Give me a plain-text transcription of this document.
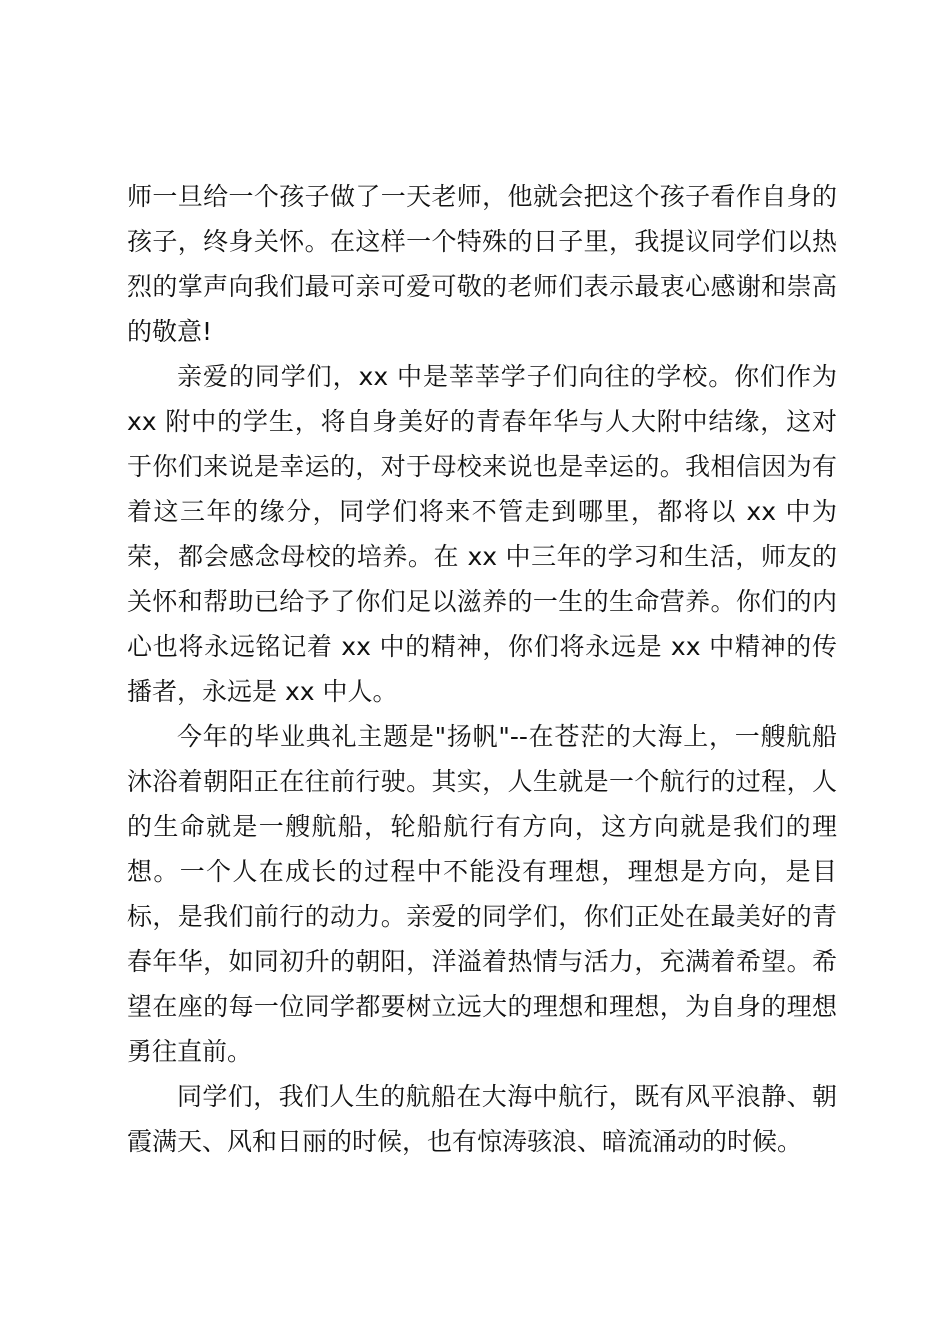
师一旦给一个孩子做了一天老师，他就会把这个孩子看作自身的孩子，终身关怀。在这样一个特殊的日子里，我提议同学们以热烈的掌声向我们最可亲可爱可敬的老师们表示最衷心感谢和崇高的敬意!

亲爱的同学们，xx 中是莘莘学子们向往的学校。你们作为 xx 附中的学生，将自身美好的青春年华与人大附中结缘，这对于你们来说是幸运的，对于母校来说也是幸运的。我相信因为有着这三年的缘分，同学们将来不管走到哪里，都将以 xx 中为荣，都会感念母校的培养。在 xx 中三年的学习和生活，师友的关怀和帮助已给予了你们足以滋养的一生的生命营养。你们的内心也将永远铭记着 xx 中的精神，你们将永远是 xx 中精神的传播者，永远是 xx 中人。

今年的毕业典礼主题是"扬帆"--在苍茫的大海上，一艘航船沐浴着朝阳正在往前行驶。其实，人生就是一个航行的过程，人的生命就是一艘航船，轮船航行有方向，这方向就是我们的理想。一个人在成长的过程中不能没有理想，理想是方向，是目标，是我们前行的动力。亲爱的同学们，你们正处在最美好的青春年华，如同初升的朝阳，洋溢着热情与活力，充满着希望。希望在座的每一位同学都要树立远大的理想和理想，为自身的理想勇往直前。

同学们，我们人生的航船在大海中航行，既有风平浪静、朝霞满天、风和日丽的时候，也有惊涛骇浪、暗流涌动的时候。
